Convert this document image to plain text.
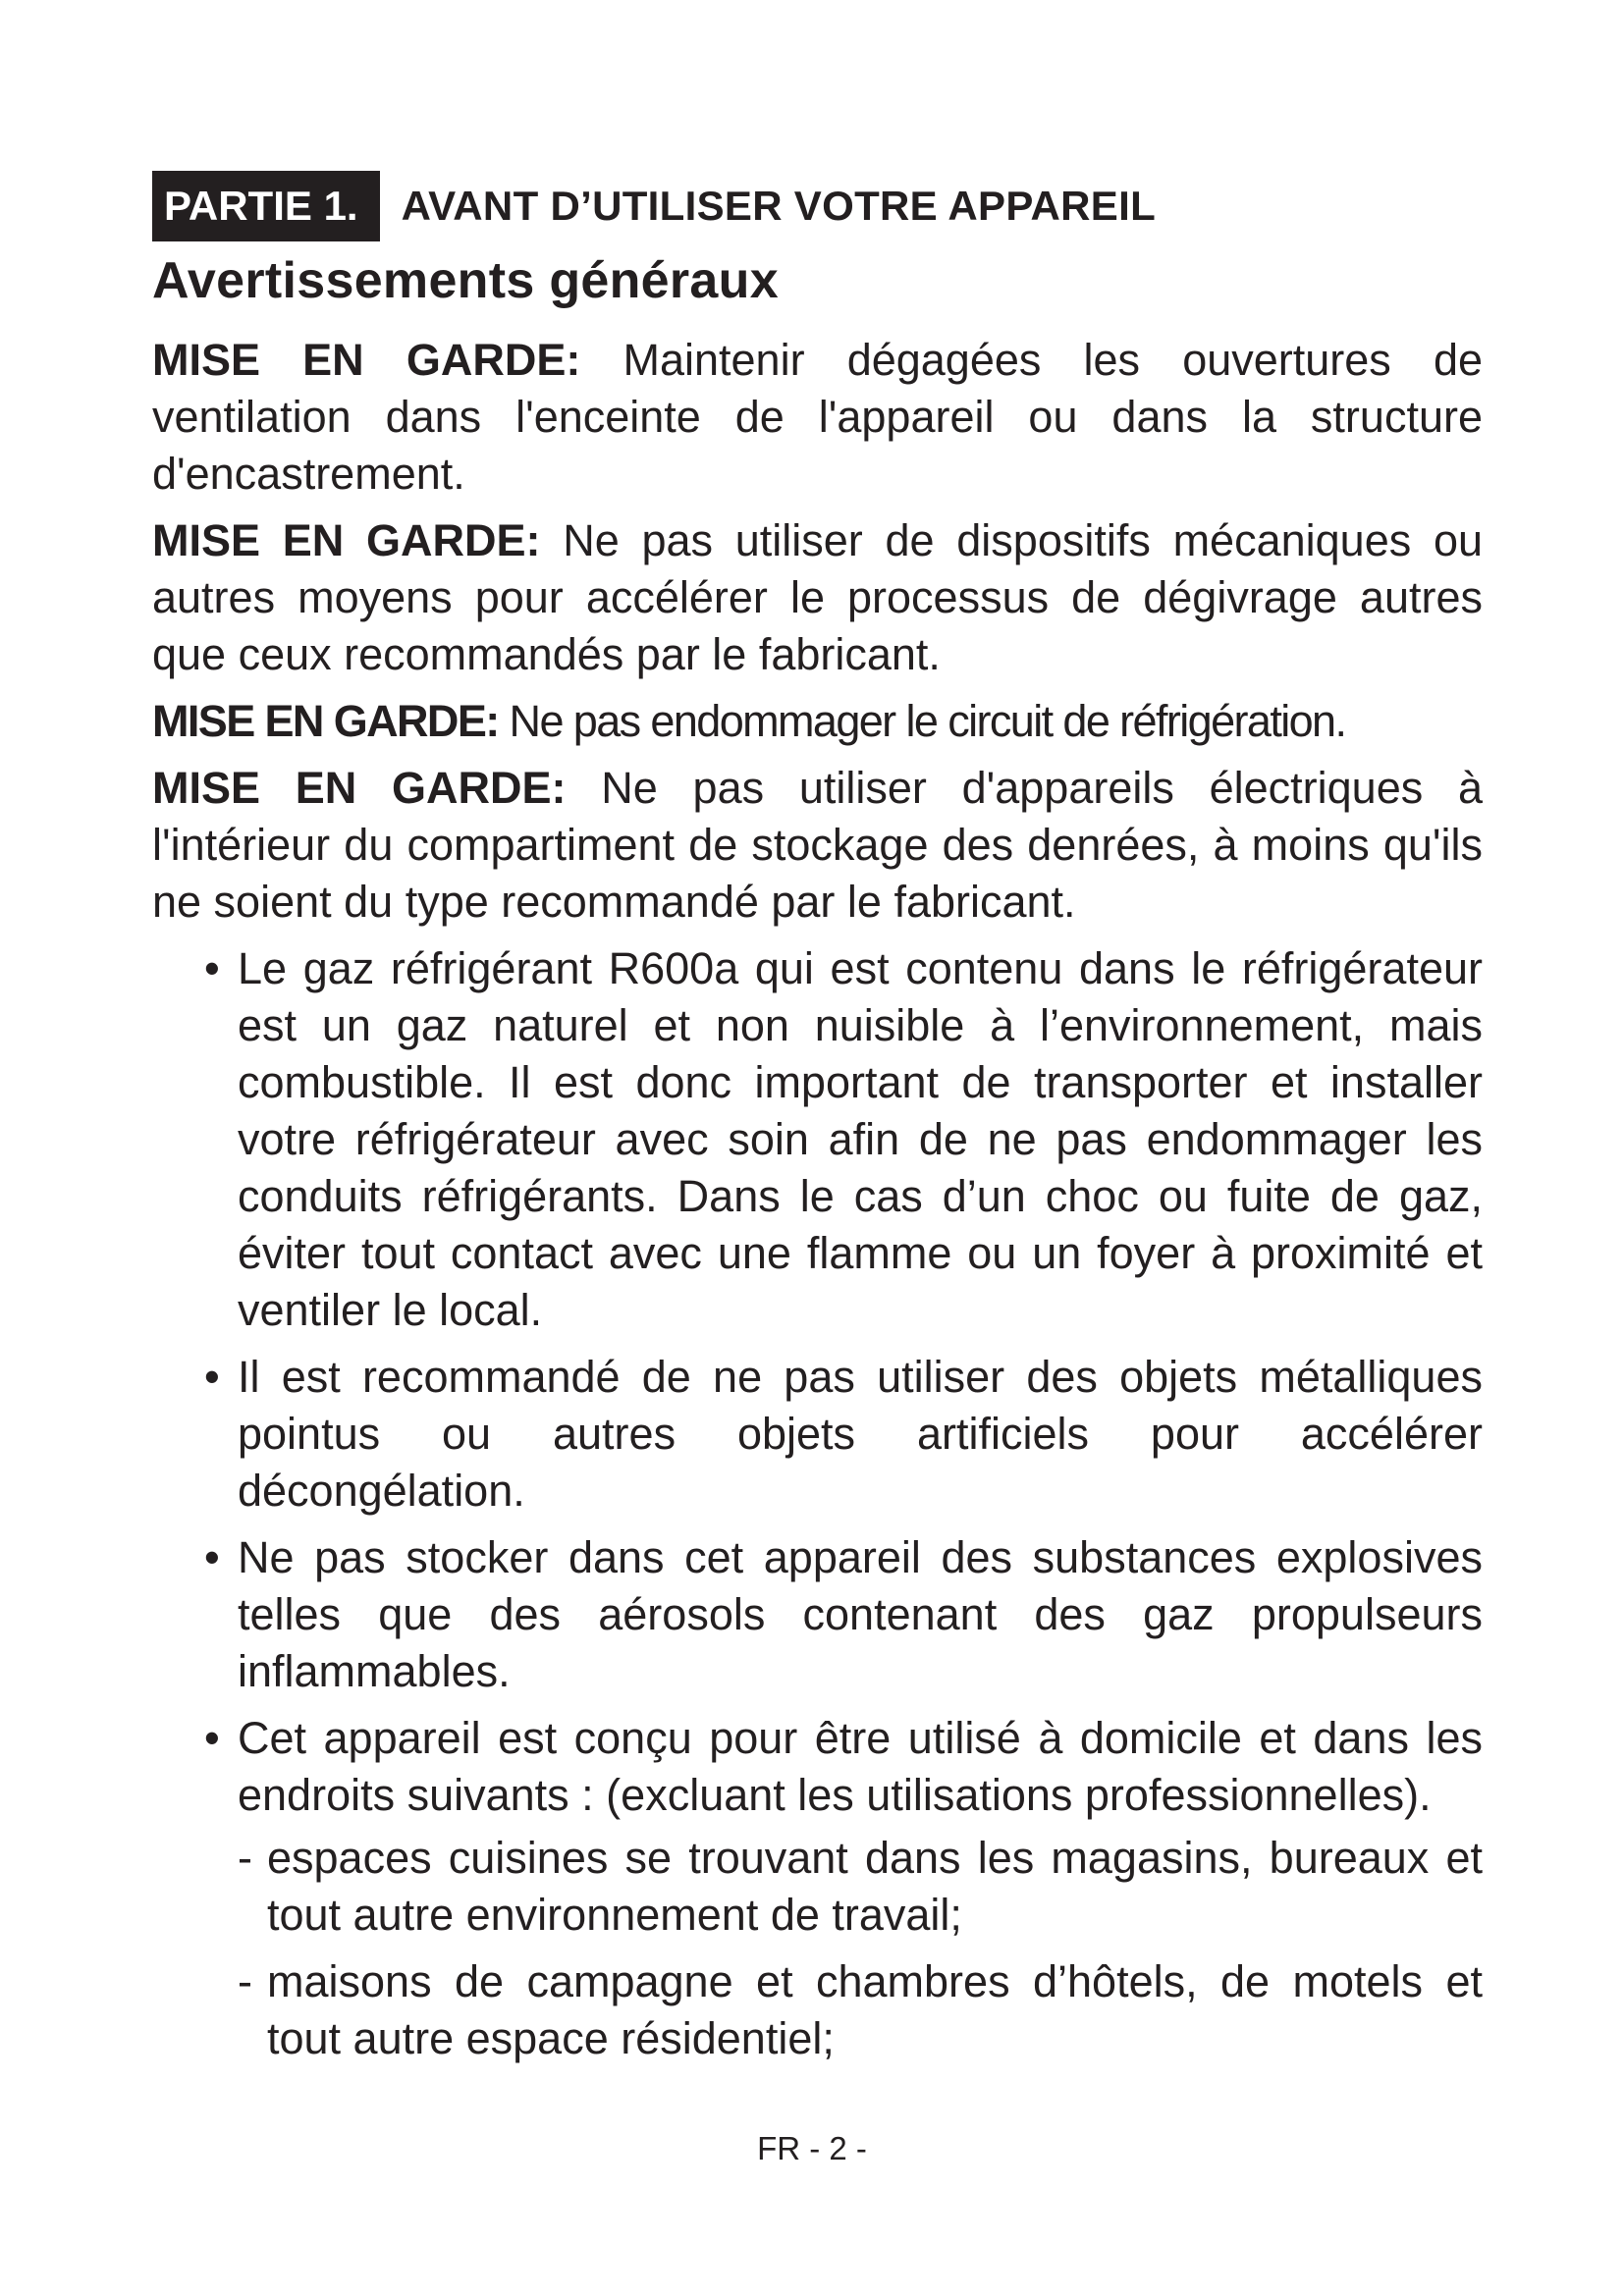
PARTIE 1.	AVANT D’UTILISER VOTRE APPAREIL
Avertissements généraux

MISE EN GARDE: Maintenir dégagées les ouvertures de ventilation dans l'enceinte de l'appareil ou dans la structure d'encastrement.

MISE EN GARDE: Ne pas utiliser de dispositifs mécaniques ou autres moyens pour accélérer le processus de dégivrage autres que ceux recommandés par le fabricant.

MISE EN GARDE: Ne pas endommager le circuit de réfrigération.

MISE EN GARDE: Ne pas utiliser d'appareils électriques à l'intérieur du compartiment de stockage des denrées, à moins qu'ils ne soient du type recommandé par le fabricant.

• Le gaz réfrigérant R600a qui est contenu dans le réfrigérateur est un gaz naturel et non nuisible à l’environnement, mais combustible. Il est donc important de transporter et installer votre réfrigérateur avec soin afin de ne pas endommager les conduits réfrigérants. Dans le cas d’un choc ou fuite de gaz, éviter tout contact avec une flamme ou un foyer à proximité et ventiler le local.
• Il est recommandé de ne pas utiliser des objets métalliques pointus ou autres objets artificiels pour accélérer décongélation.
• Ne pas stocker dans cet appareil des substances explosives telles que des aérosols contenant des gaz propulseurs inflammables.
• Cet appareil est conçu pour être utilisé à domicile et dans les endroits suivants : (excluant les utilisations professionnelles).
- espaces cuisines se trouvant dans les magasins, bureaux et tout autre environnement de travail;
- maisons de campagne et chambres d’hôtels, de motels et tout autre espace résidentiel;
FR - 2 -
